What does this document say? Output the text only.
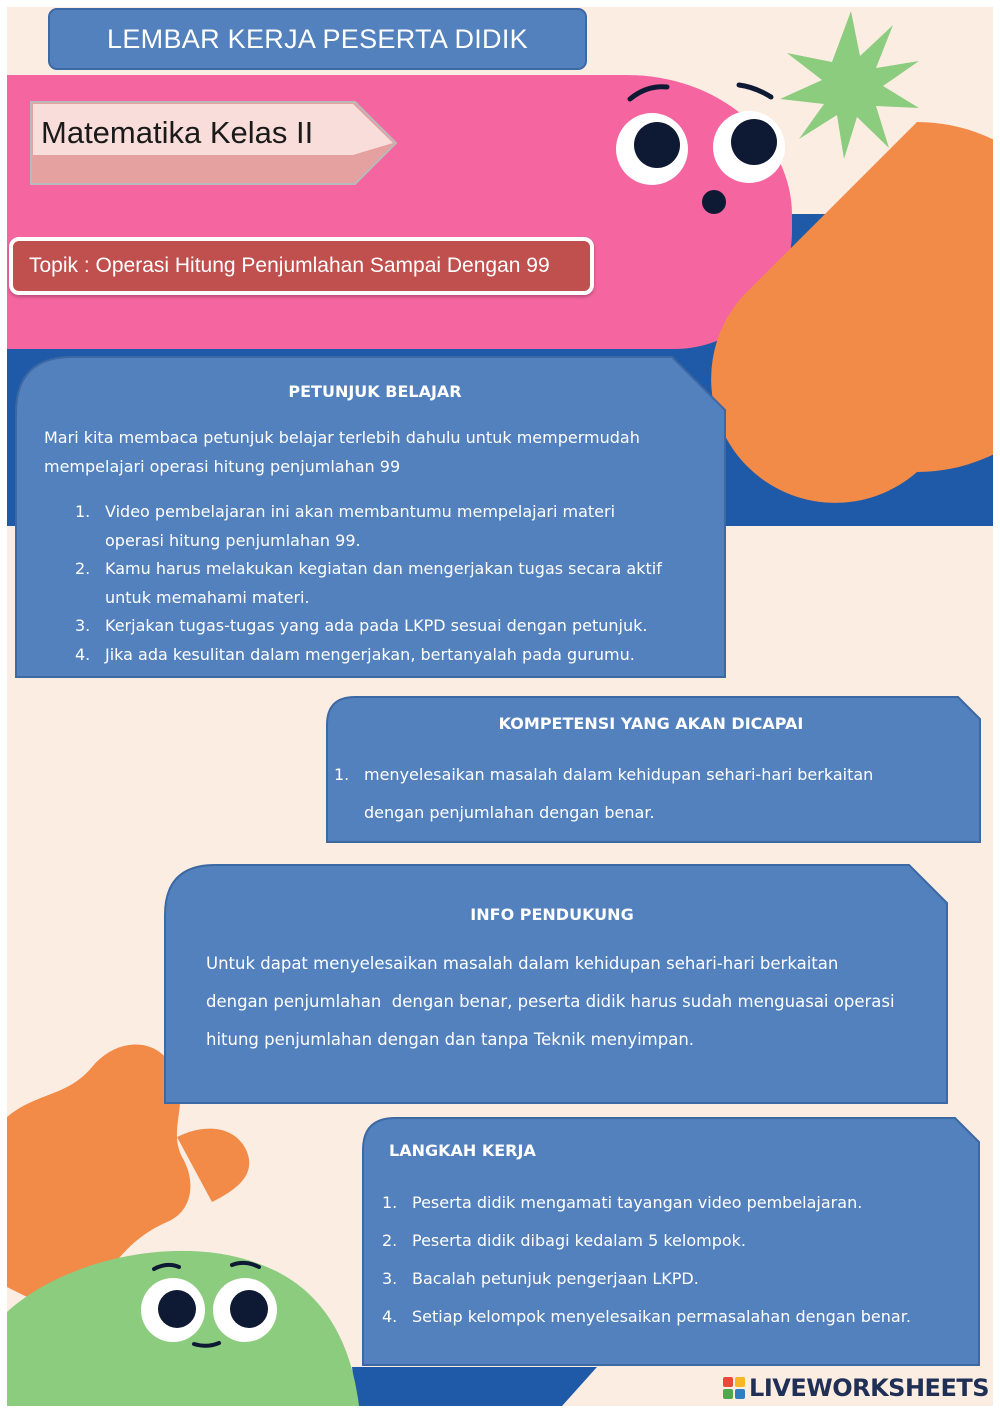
LEMBAR KERJA PESERTA DIDIK
Matematika Kelas II
Topik : Operasi Hitung Penjumlahan Sampai Dengan 99
PETUNJUK BELAJAR
Mari kita membaca petunjuk belajar terlebih dahulu untuk mempermudah
mempelajari operasi hitung penjumlahan 99
1. Video pembelajaran ini akan membantumu mempelajari materi
operasi hitung penjumlahan 99.
2. Kamu harus melakukan kegiatan dan mengerjakan tugas secara aktif
untuk memahami materi.
3. Kerjakan tugas-tugas yang ada pada LKPD sesuai dengan petunjuk.
4. Jika ada kesulitan dalam mengerjakan, bertanyalah pada gurumu.
KOMPETENSI YANG AKAN DICAPAI
1. menyelesaikan masalah dalam kehidupan sehari-hari berkaitan
dengan penjumlahan dengan benar.
INFO PENDUKUNG
Untuk dapat menyelesaikan masalah dalam kehidupan sehari-hari berkaitan
dengan penjumlahan  dengan benar, peserta didik harus sudah menguasai operasi
hitung penjumlahan dengan dan tanpa Teknik menyimpan.
LANGKAH KERJA
1. Peserta didik mengamati tayangan video pembelajaran.
2. Peserta didik dibagi kedalam 5 kelompok.
3. Bacalah petunjuk pengerjaan LKPD.
4. Setiap kelompok menyelesaikan permasalahan dengan benar.
LIVEWORKSHEETS
